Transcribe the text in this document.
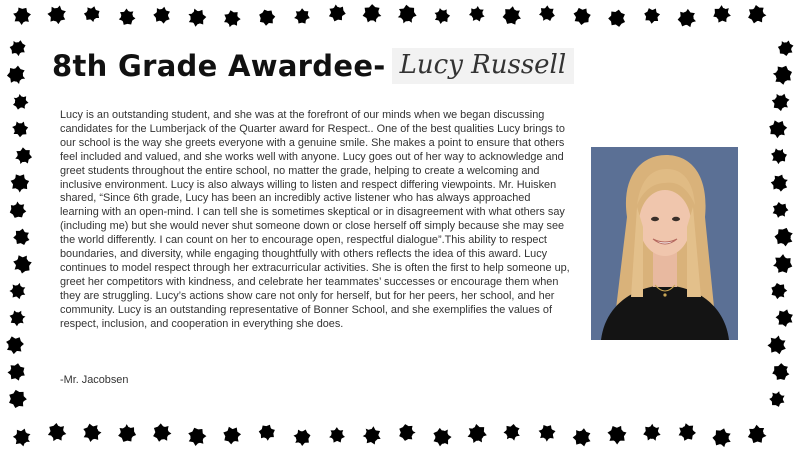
8th Grade Awardee- Lucy Russell

Lucy is an outstanding student, and she was at the forefront of our minds when we began discussing candidates for the Lumberjack of the Quarter award for Respect.. One of the best qualities Lucy brings to our school is the way she greets everyone with a genuine smile. She makes a point to ensure that others feel included and valued, and she works well with anyone. Lucy goes out of her way to acknowledge and greet students throughout the entire school, no matter the grade, helping to create a welcoming and inclusive environment. Lucy is also always willing to listen and respect differing viewpoints. Mr. Huisken shared, “Since 6th grade, Lucy has been an incredibly active listener who has always approached learning with an open-mind. I can tell she is sometimes skeptical or in disagreement with what others say (including me) but she would never shut someone down or close herself off simply because she may see the world differently. I can count on her to encourage open, respectful dialogue”.This ability to respect boundaries, and diversity, while engaging thoughtfully with others reflects the idea of this award. Lucy continues to model respect through her extracurricular activities. She is often the first to help someone up, greet her competitors with kindness, and celebrate her teammates’ successes or encourage them when they are struggling. Lucy’s actions show care not only for herself, but for her peers, her school, and her community. Lucy is an outstanding representative of Bonner School, and she exemplifies the values of respect, inclusion, and cooperation in everything she does.

-Mr. Jacobsen
